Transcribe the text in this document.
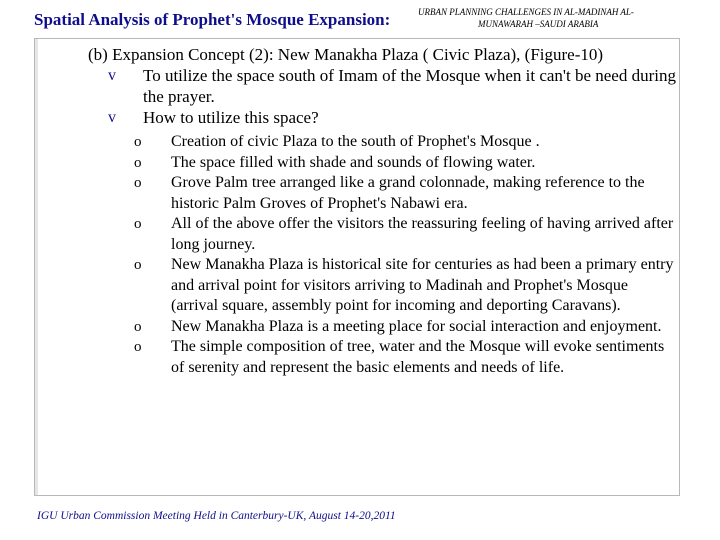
URBAN PLANNING CHALLENGES IN AL-MADINAH AL-
MUNAWARAH –SAUDI ARABIA
Spatial Analysis of Prophet's Mosque Expansion:

(b) Expansion Concept (2): New Manakha Plaza ( Civic Plaza), (Figure-10)

v To utilize the space south of Imam of the Mosque when it can't be need during the prayer.
v How to utilize this space?
o Creation of civic Plaza to the south of Prophet's Mosque .
o The space filled with shade and sounds of flowing water.
o Grove Palm tree arranged like a grand colonnade, making reference to the historic Palm Groves of Prophet's Nabawi era.
o All of the above offer the visitors the reassuring feeling of having arrived after long journey.
o New Manakha Plaza is historical site for centuries as had been a primary entry and arrival point for visitors arriving to Madinah and Prophet's Mosque (arrival square, assembly point for incoming and deporting Caravans).
o New Manakha Plaza is a meeting place for social interaction and enjoyment.
o The simple composition of tree, water and the Mosque will evoke sentiments of serenity and represent the basic elements and needs of life.
IGU Urban Commission Meeting Held in Canterbury-UK, August 14-20,2011
